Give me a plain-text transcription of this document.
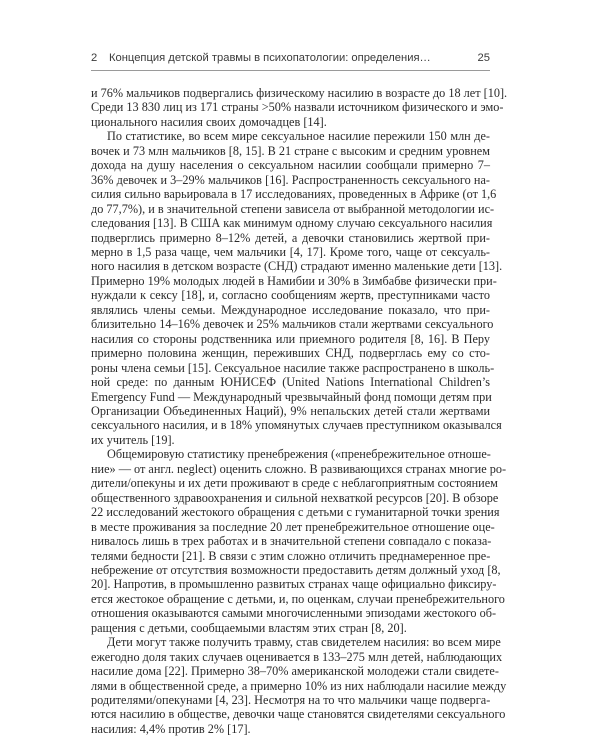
2 Концепция детской травмы в психопатологии: определения…	25

и 76% мальчиков подвергались физическому насилию в возрасте до 18 лет [10].
Среди 13 830 лиц из 171 страны >50% назвали источником физического и эмо-
ционального насилия своих домочадцев [14].

По статистике, во всем мире сексуальное насилие пережили 150 млн де-
вочек и 73 млн мальчиков [8, 15]. В 21 стране с высоким и средним уровнем
дохода на душу населения о сексуальном насилии сообщали примерно 7–
36% девочек и 3–29% мальчиков [16]. Распространенность сексуального на-
силия сильно варьировала в 17 исследованиях, проведенных в Африке (от 1,6
до 77,7%), и в значительной степени зависела от выбранной методологии ис-
следования [13]. В США как минимум одному случаю сексуального насилия
подверглись примерно 8–12% детей, а девочки становились жертвой при-
мерно в 1,5 раза чаще, чем мальчики [4, 17]. Кроме того, чаще от сексуаль-
ного насилия в детском возрасте (СНД) страдают именно маленькие дети [13].
Примерно 19% молодых людей в Намибии и 30% в Зимбабве физически при-
нуждали к сексу [18], и, согласно сообщениям жертв, преступниками часто
являлись члены семьи. Международное исследование показало, что при-
близительно 14–16% девочек и 25% мальчиков стали жертвами сексуального
насилия со стороны родственника или приемного родителя [8, 16]. В Перу
примерно половина женщин, переживших СНД, подверглась ему со сто-
роны члена семьи [15]. Сексуальное насилие также распространено в школь-
ной среде: по данным ЮНИСЕФ (United Nations International Children’s
Emergency Fund — Международный чрезвычайный фонд помощи детям при
Организации Объединенных Наций), 9% непальских детей стали жертвами
сексуального насилия, и в 18% упомянутых случаев преступником оказывался
их учитель [19].

Общемировую статистику пренебрежения («пренебрежительное отноше-
ние» — от англ. neglect) оценить сложно. В развивающихся странах многие ро-
дители/опекуны и их дети проживают в среде с неблагоприятным состоянием
общественного здравоохранения и сильной нехваткой ресурсов [20]. В обзоре
22 исследований жестокого обращения с детьми с гуманитарной точки зрения
в месте проживания за последние 20 лет пренебрежительное отношение оце-
нивалось лишь в трех работах и в значительной степени совпадало с показа-
телями бедности [21]. В связи с этим сложно отличить преднамеренное пре-
небрежение от отсутствия возможности предоставить детям должный уход [8,
20]. Напротив, в промышленно развитых странах чаще официально фиксиру-
ется жестокое обращение с детьми, и, по оценкам, случаи пренебрежительного
отношения оказываются самыми многочисленными эпизодами жестокого об-
ращения с детьми, сообщаемыми властям этих стран [8, 20].

Дети могут также получить травму, став свидетелем насилия: во всем мире
ежегодно доля таких случаев оценивается в 133–275 млн детей, наблюдающих
насилие дома [22]. Примерно 38–70% американской молодежи стали свидете-
лями в общественной среде, а примерно 10% из них наблюдали насилие между
родителями/опекунами [4, 23]. Несмотря на то что мальчики чаще подверга-
ются насилию в обществе, девочки чаще становятся свидетелями сексуального
насилия: 4,4% против 2% [17].
